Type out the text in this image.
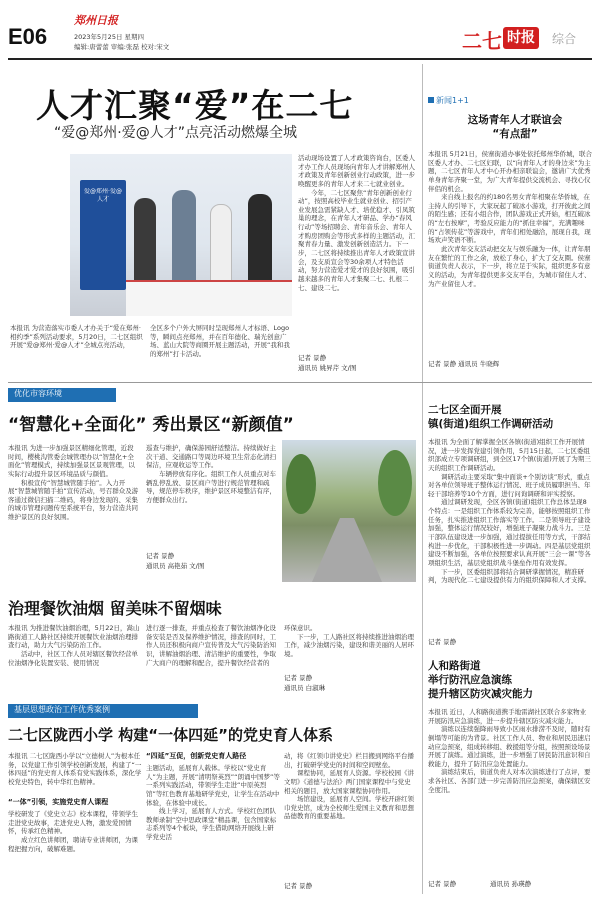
E06
郑州日报
2023年5月25日 星期四
编辑:唐蕾蕾 审编:张磊 校对:宋文	二七 时报	综合
人才汇聚“爱”在二七
“爱@郑州·爱@人才”点亮活动燃爆全城
爱@郑州·爱@人才
本报讯 为营造落实市委人才办关于“爱在郑州·相约季”系列活动要求，5月20日，二七区组织开展“爱@郑州·爱@人才”全城点亮活动，
全区多个户外大屏同时呈现郑州人才标语、Logo等，瞬间点亮郑州，并在百年德化、瑞光创意广场、蓝山大院等商圈开展主题活动，开展“我和我的郑州”打卡活动。
活动现场设置了人才政策咨询台，区委人才办工作人员现场向青年人才讲解郑州人才政策及青年创新创业行动政策，进一步唤醒更多的青年人才来二七就业创业。
　　今年，二七区聚焦“青年创新创业行动”，按照高校毕业生就业创业、招引产业发展急需紧缺人才、培优稳才、引凤筑巢的理念，在青年人才研品、学办“春风行动”等场招聘会、青年音乐会、青年人才购房团购会等形式多样的主题活动，汇聚青春力量、激发创新创造活力。下一步，二七区将持续推出青年人才政策宣讲会，及支质宣会等30余项人才特色活动，努力营造爱才爱才的良好氛围，吸引越来越多的青年人才集聚二七、扎根二七、建设二七。
记者 景静
通讯员 姚昇芹 文/图
新闻1+1
这场青年人才联谊会
“有点甜”
本报讯 5月21日，侯寨街道办事处依托郑州华侨城，联合区委人才办、二七区妇联，以“向青年人才的身边来”为主题，二七区青年人才中心开办相亲联谊会，邀请广大优秀单身青年齐聚一堂，为广大青年提供交流机会、寻找心仪伴侣的机会。
　　来自线上报名的约180名男女青年相聚在华侨城，在主持人的引导下，大家玩起了破冰小游戏，打开彼此之间的陌生感；还有小组合作，团队游戏正式开始，相互破冰的“左右按摩”，考验反应能力的“抓住幸福”，充满趣味的“占领传花”等游戏中，青年们相处融洽，展现自我，现场欢声笑语不断。
　　此次青年交友活动把交友与娱乐融为一体，让青年朋友在繁忙的工作之余，放松了身心，扩大了交友圈。侯寨街道负责人表示，下一步，将立足于实际，组织更多有意义的活动，为青年提供更多交友平台，为城市留住人才、为产业留住人才。
记者 景静 通讯员 牛晓辉
优化市容环境
“智慧化+全面化” 秀出景区“新颜值”
本报讯 为进一步加强景区精细化管理，近段时间，樱桃沟管委会城管理办以“智慧化+全面化”管理模式，持续加强景区景观管理，以实际行动提升景区环境品质与颜值。
　　积极宣传“智慧城管随手拍”。入力开展“智慧城管随手拍”宣传活动，号召群众及游客通过微信扫描二维码，将身边发现的、采集的城市管理问题传至系统平台，努力营造共同维护景区的良好氛围。
巡查与维护，确保游园舒适整洁。持续做好主次干道、交通路口等周边环境卫生常态化清扫保洁，应观收运等工作。
　　车辆停放有序化。组织工作人员重点对车辆乱停乱放、景区商户等进行规范管理和疏导，规范停车秩序，维护景区环境整洁有序，方便群众出行。
记者 景静
通讯员 高艳茹 文/图
治理餐饮油烟 留美味不留烟味
本报讯 为推进餐饮油烟治理，5月22日，嵩山路街道工人路社区持续开展餐饮业油烟治理排查行动，助力大气污染防治工作。
　　活动中，社区工作人员对辖区餐饮经营单位油烟净化装置安装、使用情况
进行逐一排查，并重点检查了餐饮油烟净化设备安装是否及保养维护情况，排查的同时，工作人员还积极向商户宣传普及大气污染防治知识，讲解油烟治理、清洁维护的重要性，争取广大商户的理解和配合，提升餐饮经营者的
环保意识。
　　下一步，工人路社区将持续推进油烟治理工作，减少油烟污染，建设和谐美丽的人居环境。
记者 景静
通讯员 白淑琳
基层思想政治工作优秀案例
二七区陇西小学 构建“一体四延”的党史育人体系
本报讯 二七区陇西小学以“立德树人”为根本任务，以党建工作引领学校创新发展，构建了“一体四延”的党史育人体系有党实践体系，深化学校党史特色，转中华红色精神。
“一体”引领，实施党史育人课程
学校研发了《党史立志》校本课程，带领学生走进党史故事，走进党史人物，激发爱国情怀，传承红色精神。
　　成立红色讲师团，聘请专业讲师团，为课程把握方向，破解难题。
“四延”互促，创新党史育人路径
主题活动，延展育人载体。学校以“党史育人”为主题，开展“清明祭英烈”“朗诵中国梦”等一系列实践活动，带领学生走进“中原英烈馆”等红色教育基地研学党史，让学生在活动中体验，在体验中成长。
　　线上学习，延展育人方式。学校红色团队教师录制“空中思政课堂”精品课，包含国家标志系列等4个板块，学生借助网络开展线上研学党史活
动，将《红领巾讲党史》栏目搬到网络平台播出，打破研学党史的时间和空间壁垒。
　　课程协同，延展育人资源。学校校园《讲文明》《道德与法治》两门国家课程中与党史相关的题目，放大国家课程协同作用。
　　场馆建设，延展育人空间。学校开辟红领巾党史馆，成为全校师生爱国主义教育和思想品德教育的重要基地。
记者 景静
二七区全面开展
镇(街道)组织工作调研活动
本报讯 为全面了解掌握全区各镇(街道)组织工作开展情况，进一步发挥党建引领作用，5月15日起，二七区委组织部成立专项调研组，到全区17个镇(街道)开展了为期三天的组织工作调研活动。
　　调研活动主要采取“集中面谈+个别访谈”形式，重点对各单位领导班子整体运行情况、班子成员履职担当、年轻干部培养等10个方面，进行问询调研和评实授察。
　　通过调研发现，全区各镇(街道)组织工作总体呈现8个特点：一是组织工作体系较为完善，能够按照组织工作任务，扎实推进组织工作落实等工作。二是领导班子建设加强，整体运行情况较好，增强班子凝聚力战斗力。三是干部队伍建设进一步加强，通过提拔任用等方式，干部结构进一步优化，干部积极性进一步调动。四是基层党组织建设不断加强，各单位按照要求认真开展“三会一课”等各项组织生活，基层党组织战斗堡垒作用有效发挥。
　　下一步，区委组织部将结合调研掌握情况，精准研判，为现代化二七建设提供有力的组织保障和人才支撑。
记者 景静
人和路街道
举行防汛应急演练
提升辖区防灾减灾能力
本报讯 近日，人和路街道携手地雷湖社区联合多家物业开展防汛应急演练，进一步提升辖区防灾减灾能力。
　　演练以连续强降雨导致小区雨水排涝不及时，随时有倒塌等可能的为背景。社区工作人员、物业和居民迅速启动应急预案，组成转移组、救援组等分组，按照预设场景开展了演练。通过演练，进一步增强了居民防汛意识和自救能力，提升了防汛应急处置能力。
　　演练结束后，街道负责人对本次演练进行了点评，要求各社区、各部门进一步完善防汛应急预案，确保辖区安全度汛。
记者 景静	通讯员 孙瑛静
